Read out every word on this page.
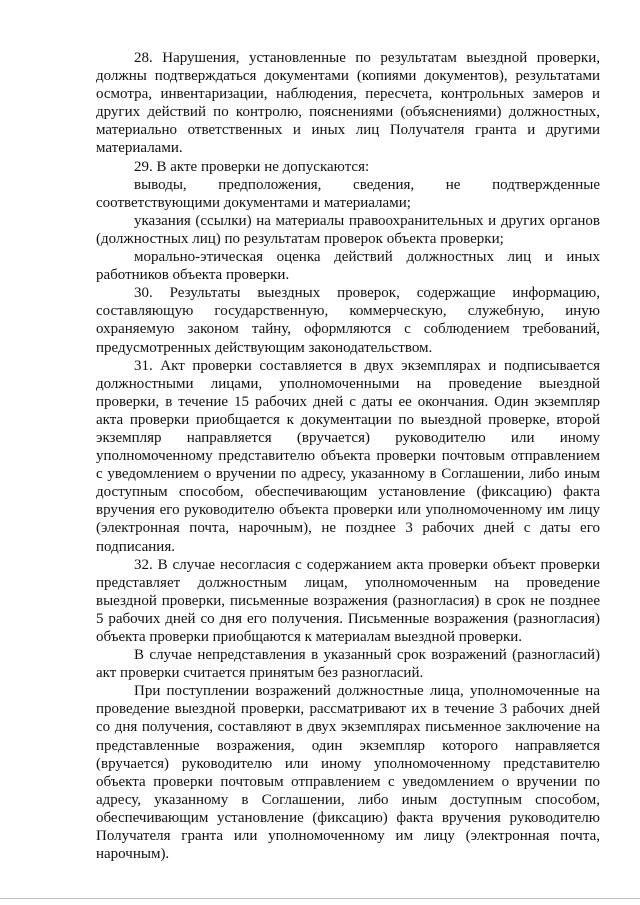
28. Нарушения, установленные по результатам выездной проверки,
должны подтверждаться документами (копиями документов), результатами
осмотра, инвентаризации, наблюдения, пересчета, контрольных замеров и
других действий по контролю, пояснениями (объяснениями) должностных,
материально ответственных и иных лиц Получателя гранта и другими
материалами.
29. В акте проверки не допускаются:
выводы, предположения, сведения, не подтвержденные
соответствующими документами и материалами;
указания (ссылки) на материалы правоохранительных и других органов
(должностных лиц) по результатам проверок объекта проверки;
морально-этическая оценка действий должностных лиц и иных
работников объекта проверки.
30. Результаты выездных проверок, содержащие информацию,
составляющую государственную, коммерческую, служебную, иную
охраняемую законом тайну, оформляются с соблюдением требований,
предусмотренных действующим законодательством.
31. Акт проверки составляется в двух экземплярах и подписывается
должностными лицами, уполномоченными на проведение выездной
проверки, в течение 15 рабочих дней с даты ее окончания. Один экземпляр
акта проверки приобщается к документации по выездной проверке, второй
экземпляр направляется (вручается) руководителю или иному
уполномоченному представителю объекта проверки почтовым отправлением
с уведомлением о вручении по адресу, указанному в Соглашении, либо иным
доступным способом, обеспечивающим установление (фиксацию) факта
вручения его руководителю объекта проверки или уполномоченному им лицу
(электронная почта, нарочным), не позднее 3 рабочих дней с даты его
подписания.
32. В случае несогласия с содержанием акта проверки объект проверки
представляет должностным лицам, уполномоченным на проведение
выездной проверки, письменные возражения (разногласия) в срок не позднее
5 рабочих дней со дня его получения. Письменные возражения (разногласия)
объекта проверки приобщаются к материалам выездной проверки.
В случае непредставления в указанный срок возражений (разногласий)
акт проверки считается принятым без разногласий.
При поступлении возражений должностные лица, уполномоченные на
проведение выездной проверки, рассматривают их в течение 3 рабочих дней
со дня получения, составляют в двух экземплярах письменное заключение на
представленные возражения, один экземпляр которого направляется
(вручается) руководителю или иному уполномоченному представителю
объекта проверки почтовым отправлением с уведомлением о вручении по
адресу, указанному в Соглашении, либо иным доступным способом,
обеспечивающим установление (фиксацию) факта вручения руководителю
Получателя гранта или уполномоченному им лицу (электронная почта,
нарочным).
